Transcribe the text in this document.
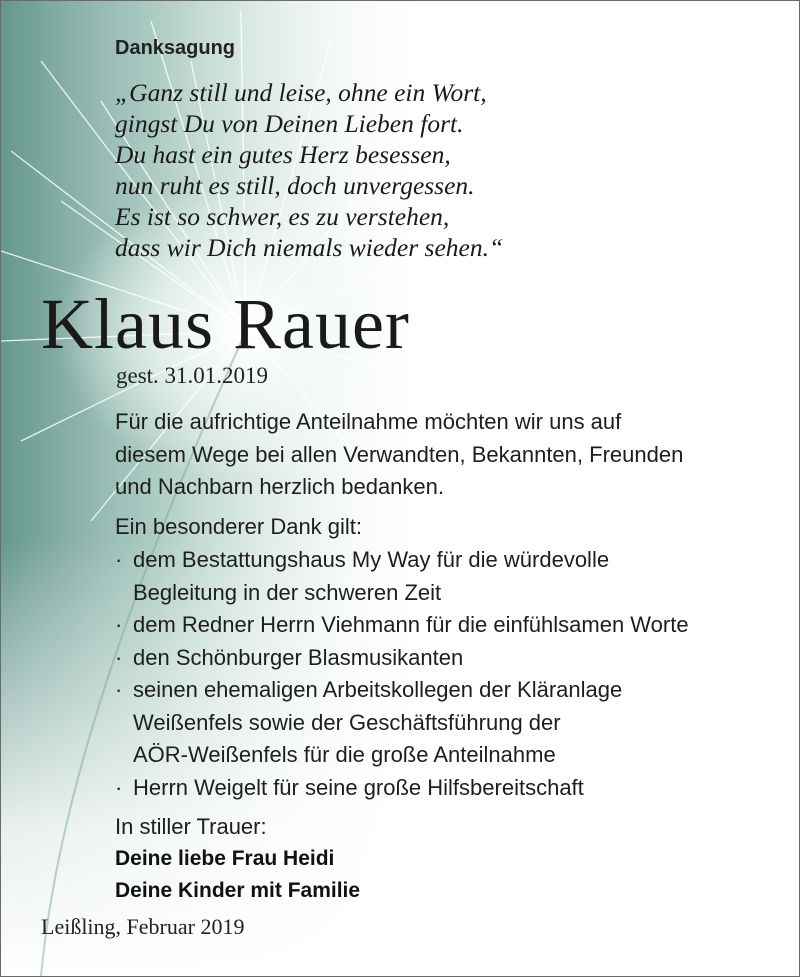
Danksagung
„Ganz still und leise, ohne ein Wort,
gingst Du von Deinen Lieben fort.
Du hast ein gutes Herz besessen,
nun ruht es still, doch unvergessen.
Es ist so schwer, es zu verstehen,
dass wir Dich niemals wieder sehen.“
Klaus Rauer
gest. 31.01.2019
Für die aufrichtige Anteilnahme möchten wir uns auf
diesem Wege bei allen Verwandten, Bekannten, Freunden
und Nachbarn herzlich bedanken.
Ein besonderer Dank gilt:
· dem Bestattungshaus My Way für die würdevolle
Begleitung in der schweren Zeit
· dem Redner Herrn Viehmann für die einfühlsamen Worte
· den Schönburger Blasmusikanten
· seinen ehemaligen Arbeitskollegen der Kläranlage
Weißenfels sowie der Geschäftsführung der
AÖR-Weißenfels für die große Anteilnahme
· Herrn Weigelt für seine große Hilfsbereitschaft
In stiller Trauer:
Deine liebe Frau Heidi
Deine Kinder mit Familie
Leißling, Februar 2019
